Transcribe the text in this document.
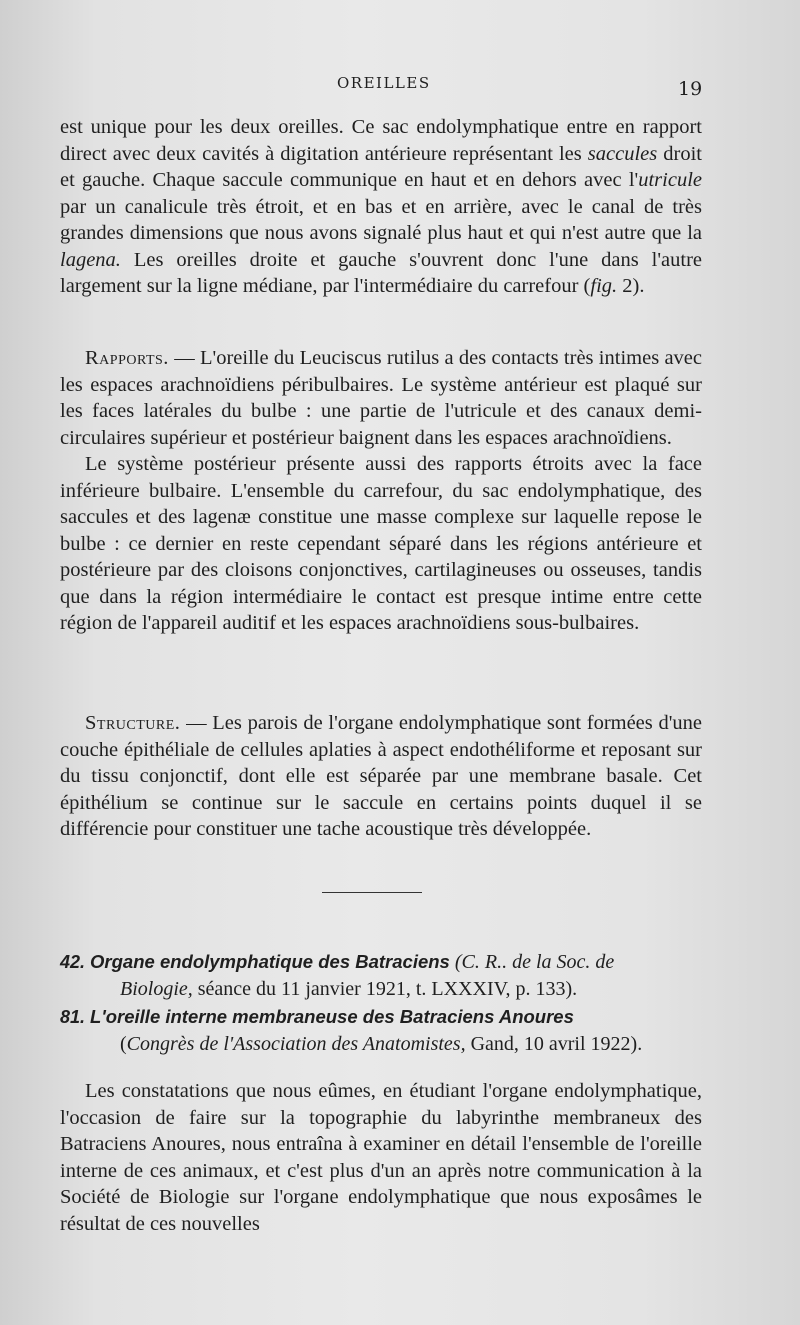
OREILLES	19

est unique pour les deux oreilles. Ce sac endolymphatique entre en rapport direct avec deux cavités à digitation antérieure représentant les saccules droit et gauche. Chaque saccule communique en haut et en dehors avec l'utricule par un canalicule très étroit, et en bas et en arrière, avec le canal de très grandes dimensions que nous avons signalé plus haut et qui n'est autre que la lagena. Les oreilles droite et gauche s'ouvrent donc l'une dans l'autre largement sur la ligne médiane, par l'intermédiaire du carrefour (fig. 2).

Rapports. — L'oreille du Leuciscus rutilus a des contacts très intimes avec les espaces arachnoïdiens péribulbaires. Le système antérieur est plaqué sur les faces latérales du bulbe : une partie de l'utricule et des canaux demi-circulaires supérieur et postérieur baignent dans les espaces arachnoïdiens.

Le système postérieur présente aussi des rapports étroits avec la face inférieure bulbaire. L'ensemble du carrefour, du sac endolymphatique, des saccules et des lagenæ constitue une masse complexe sur laquelle repose le bulbe : ce dernier en reste cependant séparé dans les régions antérieure et postérieure par des cloisons conjonctives, cartilagineuses ou osseuses, tandis que dans la région intermédiaire le contact est presque intime entre cette région de l'appareil auditif et les espaces arachnoïdiens sous-bulbaires.

Structure. — Les parois de l'organe endolymphatique sont formées d'une couche épithéliale de cellules aplaties à aspect endothéliforme et reposant sur du tissu conjonctif, dont elle est séparée par une membrane basale. Cet épithélium se continue sur le saccule en certains points duquel il se différencie pour constituer une tache acoustique très développée.

42. Organe endolymphatique des Batraciens (C. R.. de la Soc. de
Biologie, séance du 11 janvier 1921, t. LXXXIV, p. 133).
81. L'oreille interne membraneuse des Batraciens Anoures
(Congrès de l'Association des Anatomistes, Gand, 10 avril 1922).

Les constatations que nous eûmes, en étudiant l'organe endolymphatique, l'occasion de faire sur la topographie du labyrinthe membraneux des Batraciens Anoures, nous entraîna à examiner en détail l'ensemble de l'oreille interne de ces animaux, et c'est plus d'un an après notre communication à la Société de Biologie sur l'organe endolymphatique que nous exposâmes le résultat de ces nouvelles
